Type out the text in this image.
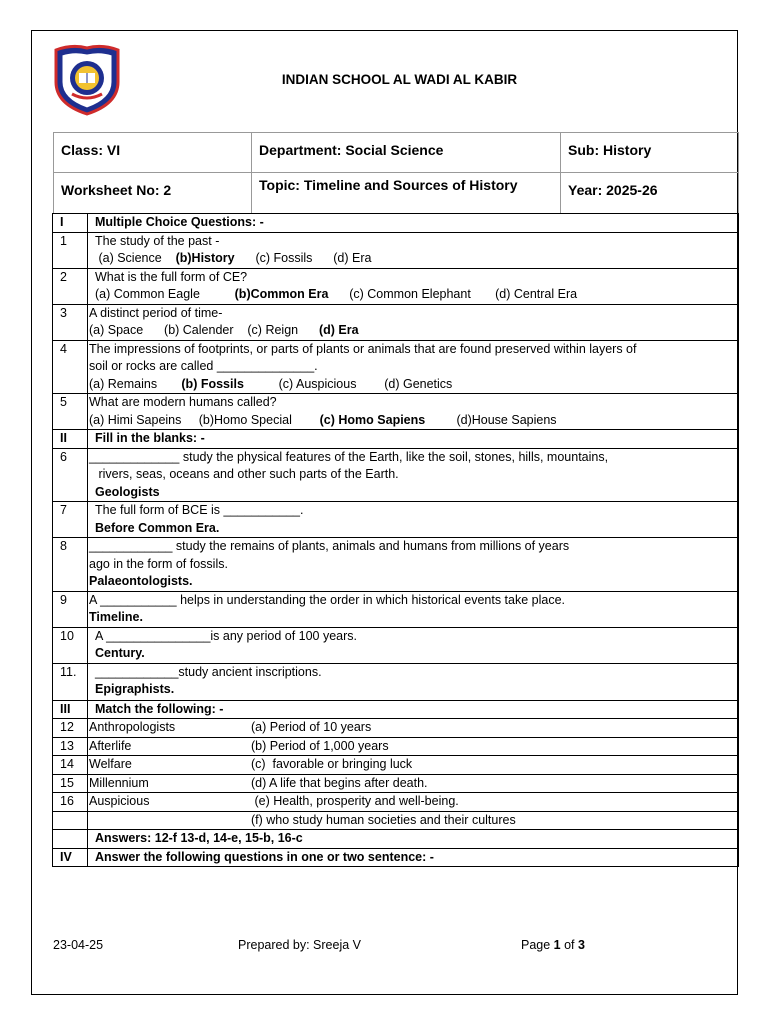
INDIAN SCHOOL AL WADI AL KABIR
Class: VI	Department: Social Science	Sub: History
Worksheet No: 2	Topic: Timeline and Sources of History	Year: 2025-26
I	Multiple Choice Questions: -
1	The study of the past -
(a) Science    (b)History      (c) Fossils      (d) Era

2	What is the full form of CE?
(a) Common Eagle          (b)Common Era      (c) Common Elephant       (d) Central Era

3	A distinct period of time-
(a) Space      (b) Calender    (c) Reign      (d) Era

4	The impressions of footprints, or parts of plants or animals that are found preserved within layers of
soil or rocks are called ______________.
(a) Remains       (b) Fossils          (c) Auspicious        (d) Genetics

5	What are modern humans called?
(a) Himi Sapeins     (b)Homo Special        (c) Homo Sapiens         (d)House Sapiens

II	Fill in the blanks: -
6	_____________ study the physical features of the Earth, like the soil, stones, hills, mountains,
rivers, seas, oceans and other such parts of the Earth.
Geologists

7	The full form of BCE is ___________.
Before Common Era.

8	____________ study the remains of plants, animals and humans from millions of years
ago in the form of fossils.
Palaeontologists.

9	A ___________ helps in understanding the order in which historical events take place.
Timeline.

10	A _______________is any period of 100 years.
Century.

11.	____________study ancient inscriptions.
Epigraphists.

III	Match the following: -
12	Anthropologists (a) Period of 10 years

13	Afterlife (b) Period of 1,000 years

14	Welfare (c)  favorable or bringing luck

15	Millennium (d) A life that begins after death.

16	Auspicious (e) Health, prosperity and well-being.

	(f) who study human societies and their cultures

	Answers: 12-f 13-d, 14-e, 15-b, 16-c
IV	Answer the following questions in one or two sentence: -
23-04-25	Prepared by: Sreeja V	Page 1 of 3
